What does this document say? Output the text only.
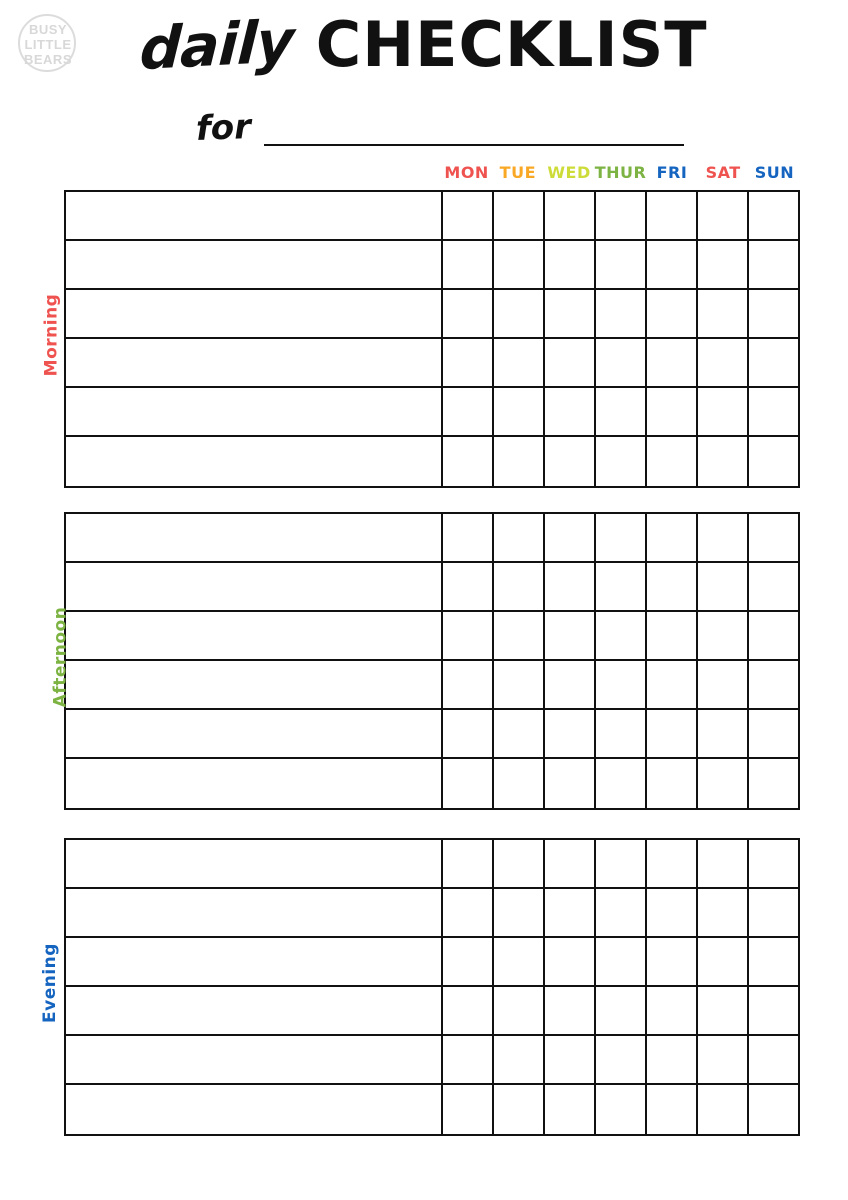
BUSY
LITTLE
BEARS	daily CHECKLIST
for
MON TUE WED THUR FRI	SAT SUN
Morning
Afternoon
Evening
